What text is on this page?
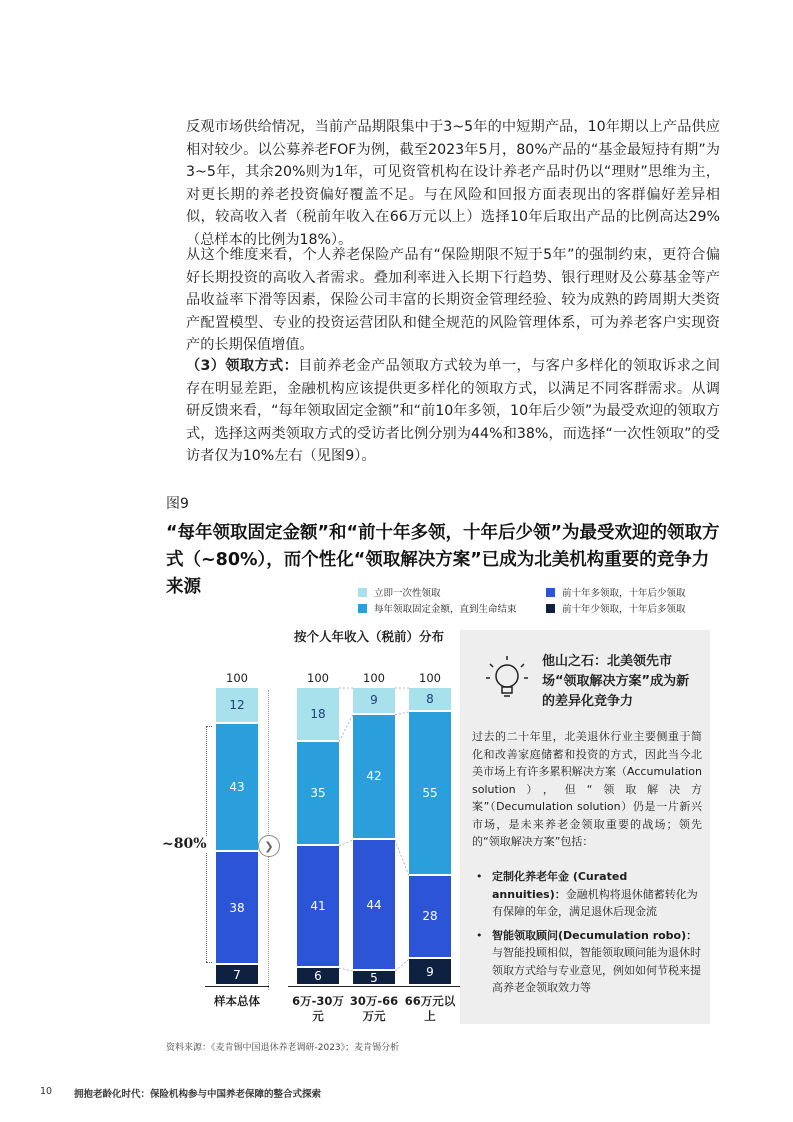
反观市场供给情况，当前产品期限集中于3~5年的中短期产品，10年期以上产品供应相对较少。以公募养老FOF为例，截至2023年5月，80%产品的“基金最短持有期”为3~5年，其余20%则为1年，可见资管机构在设计养老产品时仍以“理财”思维为主，对更长期的养老投资偏好覆盖不足。与在风险和回报方面表现出的客群偏好差异相似，较高收入者（税前年收入在66万元以上）选择10年后取出产品的比例高达29%（总样本的比例为18%）。

从这个维度来看，个人养老保险产品有“保险期限不短于5年”的强制约束，更符合偏好长期投资的高收入者需求。叠加利率进入长期下行趋势、银行理财及公募基金等产品收益率下滑等因素，保险公司丰富的长期资金管理经验、较为成熟的跨周期大类资产配置模型、专业的投资运营团队和健全规范的风险管理体系，可为养老客户实现资产的长期保值增值。

（3）领取方式：目前养老金产品领取方式较为单一，与客户多样化的领取诉求之间存在明显差距，金融机构应该提供更多样化的领取方式，以满足不同客群需求。从调研反馈来看，“每年领取固定金额”和“前10年多领，10年后少领”为最受欢迎的领取方式，选择这两类领取方式的受访者比例分别为44%和38%，而选择“一次性领取”的受访者仅为10%左右（见图9）。

图9

“每年领取固定金额”和“前十年多领，十年后少领”为最受欢迎的领取方式（~80%），而个性化“领取解决方案”已成为北美机构重要的竞争力来源	立即一次性领取	前十年多领取，十年后少领取
每年领取固定金额，直到生命结束	前十年少领取，十年后多领取
按个人年收入（税前）分布
~80%	❯
7
38
43
12
100
样本总体
6
41
35
18
100
6万-30万元
5
44
42
9
100
30万-66万元
9
28
55
8
100
66万元以上
他山之石：北美领先市场“领取解决方案”成为新的差异化竞争力

过去的二十年里，北美退休行业主要侧重于简化和改善家庭储蓄和投资的方式，因此当今北美市场上有许多累积解决方案（Accumulation solution），但“领取解决方案”（Decumulation solution）仍是一片新兴市场，是未来养老金领取重要的战场；领先的“领取解决方案”包括：

• 定制化养老年金 (Curated annuities)：金融机构将退休储蓄转化为有保障的年金，满足退休后现金流
• 智能领取顾问(Decumulation robo)：与智能投顾相似，智能领取顾问能为退休时领取方式给与专业意见，例如如何节税来提高养老金领取效力等
资料来源：《麦肯锡中国退休养老调研-2023》；麦肯锡分析
10 拥抱老龄化时代：保险机构参与中国养老保障的整合式探索
